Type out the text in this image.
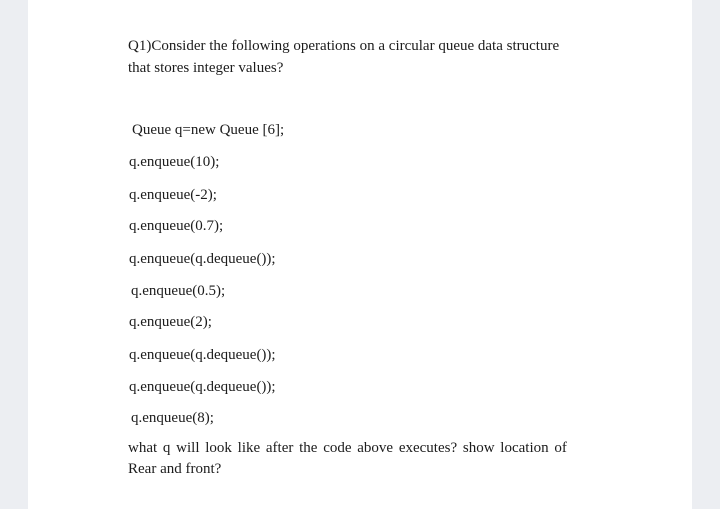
Q1)Consider the following operations on a circular queue data structure
that stores integer values?
Queue q=new Queue [6];
q.enqueue(10);
q.enqueue(-2);
q.enqueue(0.7);
q.enqueue(q.dequeue());
q.enqueue(0.5);
q.enqueue(2);
q.enqueue(q.dequeue());
q.enqueue(q.dequeue());
q.enqueue(8);
what q will look like after the code above executes? show location of
Rear and front?
